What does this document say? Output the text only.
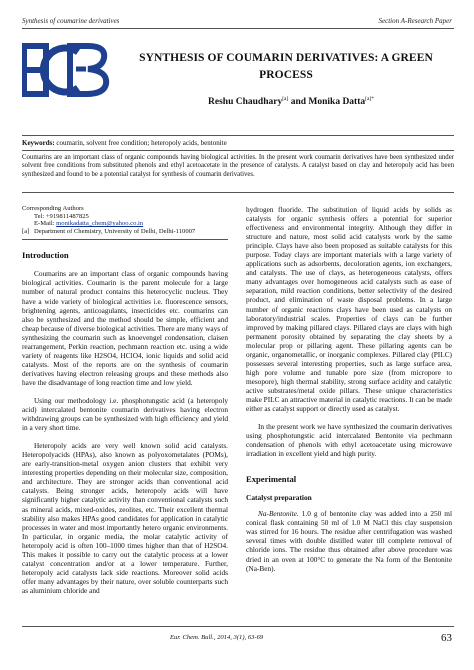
Synthesis of coumarine derivatives	Section A-Research Paper
SYNTHESIS OF COUMARIN DERIVATIVES: A GREEN
PROCESS
Reshu Chaudhary[a] and Monika Datta$^{[a]*}$
Keywords: coumarin, solvent free condition; heteropoly acids, bentonite
Coumarins are an important class of organic compounds having biological activities. In the present work coumarin derivatives have been synthesized under solvent free conditions from substituted phenols and ethyl acetoacetate in the presence of catalysts. A catalyst based on clay and heteropoly acid has been synthesized and found to be a potential catalyst for synthesis of coumarin derivatives.
Corresponding Authors
Tel: +919811487825
E-Mail: monikadatta_chem@yahoo.co.in
[a] Department of Chemistry, University of Delhi, Delhi-110007
Introduction

Coumarins are an important class of organic compounds having biological activities. Coumarin is the parent molecule for a large number of natural product contains this heterocyclic nucleus. They have a wide variety of biological activities i.e. fluorescence sensors, brightening agents, anticoagulants, insecticides etc. coumarins can also be synthesized and the method should be simple, efficient and cheap because of diverse biological activities. There are many ways of synthesizing the coumarin such as knoevengel condensation, claisen rearrangement, Perkin reaction, pechmann reaction etc. using a wide variety of reagents like H2SO4, HClO4, ionic liquids and solid acid catalysts. Most of the reports are on the synthesis of coumarin derivatives having electron releasing groups and these methods also have the disadvantage of long reaction time and low yield.

Using our methodology i.e. phosphotungstic acid (a heteropoly acid) intercalated bentonite coumarin derivatives having electron withdrawing groups can be synthesized with high efficiency and yield in a very short time.

Heteropoly acids are very well known solid acid catalysts. Heteropolyacids (HPAs), also known as polyoxometalates (POMs), are early-transition-metal oxygen anion clusters that exhibit very interesting properties depending on their molecular size, composition, and architecture. They are stronger acids than conventional acid catalysts. Being stronger acids, heteropoly acids will have significantly higher catalytic activity than conventional catalysts such as mineral acids, mixed-oxides, zeolites, etc. Their excellent thermal stability also makes HPAs good candidates for application in catalytic processes in water and most importantly hetero organic environments. In particular, in organic media, the molar catalytic activity of heteropoly acid is often 100–1000 times higher than that of H2SO4. This makes it possible to carry out the catalytic process at a lower catalyst concentration and/or at a lower temperature. Further, heteropoly acid catalysts lack side reactions. Moreover solid acids offer many advantages by their nature, over soluble counterparts such as aluminium chloride and

hydrogen fluoride. The substitution of liquid acids by solids as catalysts for organic synthesis offers a potential for superior effectiveness and environmental integrity. Although they differ in structure and nature, most solid acid catalysts work by the same principle. Clays have also been proposed as suitable catalysts for this purpose. Today clays are important materials with a large variety of applications such as adsorbents, decoloration agents, ion exchangers, and catalysts. The use of clays, as heterogeneous catalysts, offers many advantages over homogeneous acid catalysts such as ease of separation, mild reaction conditions, better selectivity of the desired product, and elimination of waste disposal problems. In a large number of organic reactions clays have been used as catalysts on laboratory/industrial scales. Properties of clays can be further improved by making pillared clays. Pillared clays are clays with high permanent porosity obtained by separating the clay sheets by a molecular prop or pillaring agent. These pillaring agents can be organic, organometallic, or inorganic complexes. Pillared clay (PILC) possesses several interesting properties, such as large surface area, high pore volume and tunable pore size (from micropore to mesopore), high thermal stability, strong surface acidity and catalytic active substrates/metal oxide pillars. These unique characteristics make PILC an attractive material in catalytic reactions. It can be made either as catalyst support or directly used as catalyst.

In the present work we have synthesized the coumarin derivatives using phosphotungstic acid intercalated Bentonite via pechmann condensation of phenols with ethyl acetoacetate using microwave irradiation in excellent yield and high purity.

Experimental
Catalyst preparation

Na-Bentonite. 1.0 g of bentonite clay was added into a 250 ml conical flask containing 50 ml of 1.0 M NaCl this clay suspension was stirred for 16 hours. The residue after centrifugation was washed several times with double distilled water till complete removal of chloride ions. The residue thus obtained after above procedure was dried in an oven at 100°C to generate the Na form of the Bentonite (Na-Ben).

Eur. Chem. Bull., 2014, 3(1), 63-69	63
